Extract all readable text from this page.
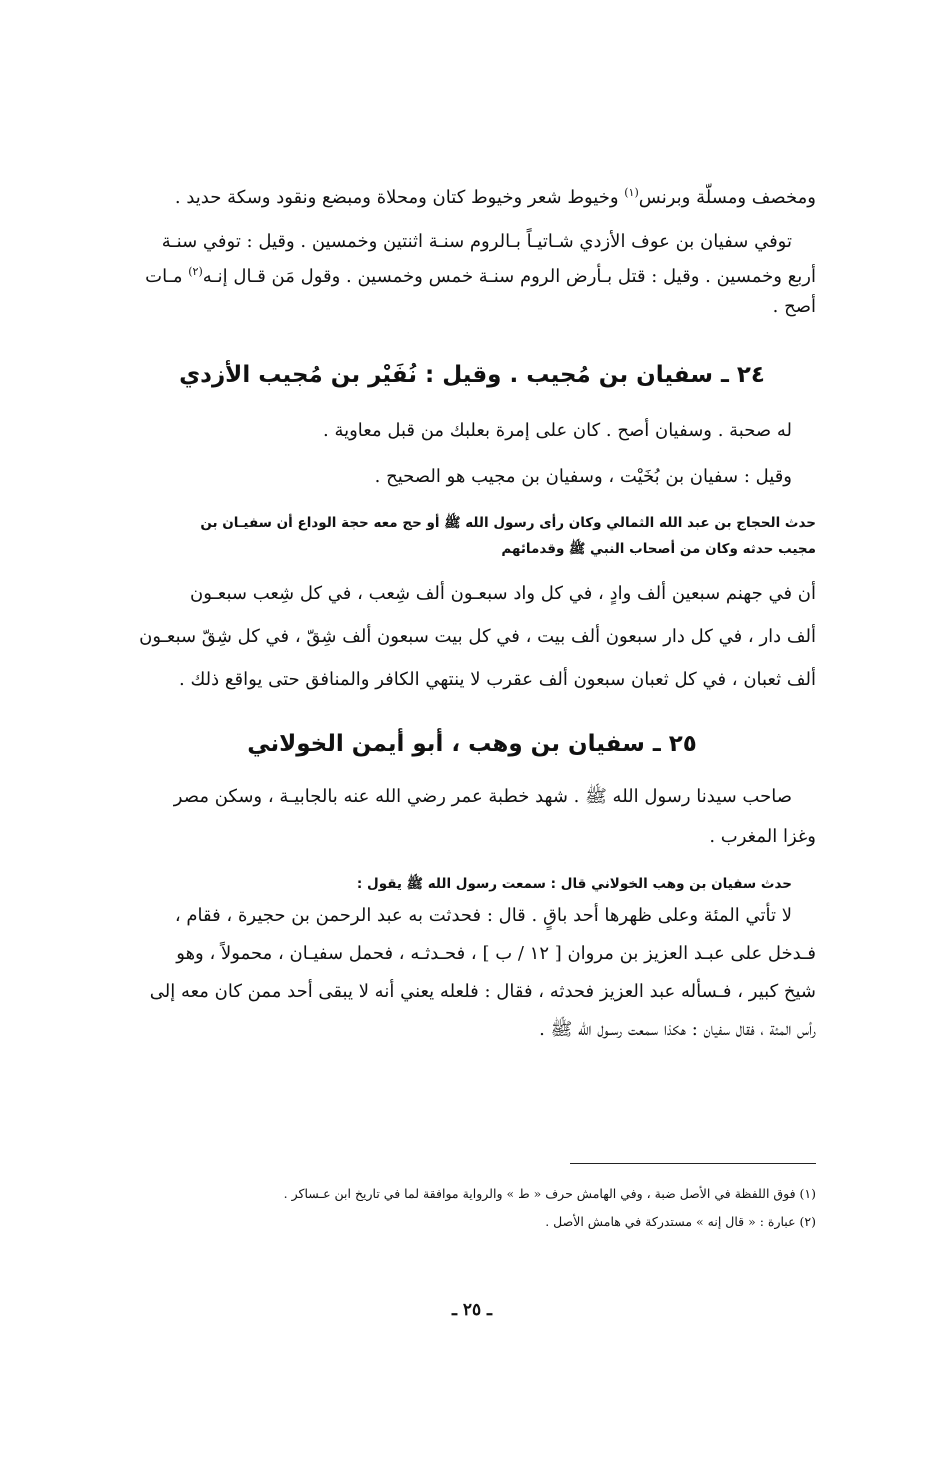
ومخصف ومسلّة وبرنس$^{(١)}$ وخيوط شعر وخيوط كتان ومحلاة ومبضع ونقود وسكة حديد .

توفي سفيان بن عوف الأزدي شـاتيـاً بـالروم سنـة اثنتين وخمسين . وقيل : توفي سنـة

أربع وخمسين . وقيل : قتل بـأرض الروم سنـة خمس وخمسين . وقول مَن قـال إنـه$^{(٢)}$ مـات

أصح .

٢٤ ـ سفيان بن مُجيب . وقيل : نُفَيْر بن مُجيب الأزدي

له صحبة . وسفيان أصح . كان على إمرة بعلبك من قبل معاوية .

وقيل : سفيان بن بُخَيْت ، وسفيان بن مجيب هو الصحيح .

حدث الحجاج بن عبد الله الثمالي وكان رأى رسول الله ﷺ أو حج معه حجة الوداع أن سفيـان بن

مجيب حدثه وكان من أصحاب النبي ﷺ وقدمائهم

أن في جهنم سبعين ألف وادٍ ، في كل واد سبعـون ألف شِعب ، في كل شِعب سبعـون

ألف دار ، في كل دار سبعون ألف بيت ، في كل بيت سبعون ألف شِقّ ، في كل شِقّ سبعـون

ألف ثعبان ، في كل ثعبان سبعون ألف عقرب لا ينتهي الكافر والمنافق حتى يواقع ذلك .

٢٥ ـ سفيان بن وهب ، أبو أيمن الخولاني

صاحب سيدنا رسول الله ﷺ . شهد خطبة عمر رضي الله عنه بالجابيـة ، وسكن مصر

وغزا المغرب .

حدث سفيان بن وهب الخولاني قال : سمعت رسول الله ﷺ يقول :

لا تأتي المئة وعلى ظهرها أحد باقٍ . قال : فحدثت به عبد الرحمن بن حجيرة ، فقام ،

فـدخل على عبـد العزيز بن مروان [ ١٢ / ب ] ، فحـدثـه ، فحمل سفيـان ، محمولاً ، وهو

شيخ كبير ، فـسأله عبد العزيز فحدثه ، فقال : فلعله يعني أنه لا يبقى أحد ممن كان معه إلى

رأس المئة ، فقال سفيان : هكذا سمعت رسـول الله ﷺ .

(١) فوق اللفظة في الأصل ضبة ، وفي الهامش حرف « ط » والرواية موافقة لما في تاريخ ابن عـساكر .

(٢) عبارة : « قال إنه » مستدركة في هامش الأصل .

ـ ٢٥ ـ
